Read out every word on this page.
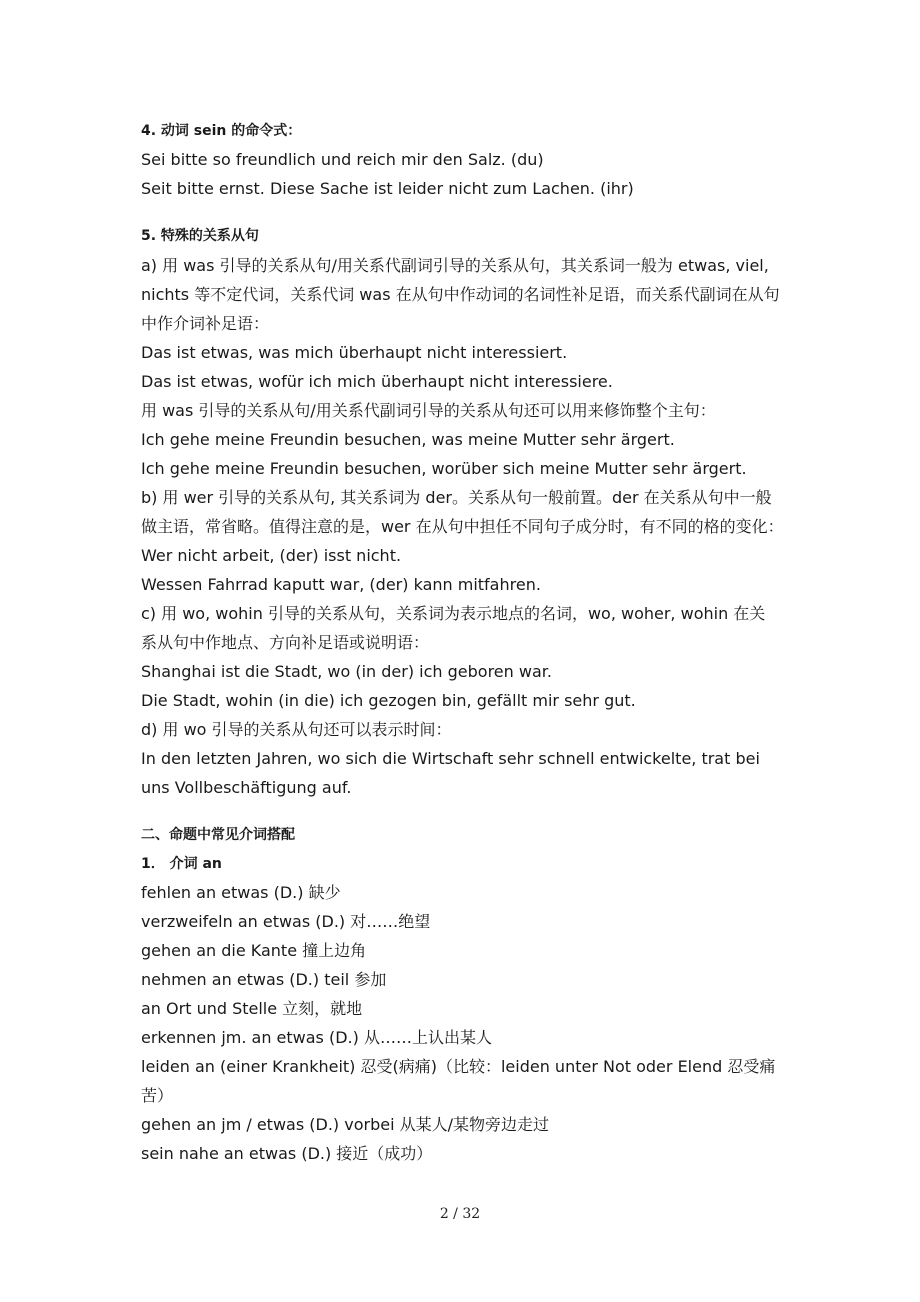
4. 动词 sein 的命令式：
Sei bitte so freundlich und reich mir den Salz. (du)
Seit bitte ernst. Diese Sache ist leider nicht zum Lachen. (ihr)
5. 特殊的关系从句
a) 用 was 引导的关系从句/用关系代副词引导的关系从句，其关系词一般为 etwas, viel,
nichts 等不定代词，关系代词 was 在从句中作动词的名词性补足语，而关系代副词在从句
中作介词补足语：
Das ist etwas, was mich überhaupt nicht interessiert.
Das ist etwas, wofür ich mich überhaupt nicht interessiere.
用 was 引导的关系从句/用关系代副词引导的关系从句还可以用来修饰整个主句：
Ich gehe meine Freundin besuchen, was meine Mutter sehr ärgert.
Ich gehe meine Freundin besuchen, worüber sich meine Mutter sehr ärgert.
b) 用 wer 引导的关系从句, 其关系词为 der。关系从句一般前置。der 在关系从句中一般
做主语，常省略。值得注意的是，wer 在从句中担任不同句子成分时，有不同的格的变化：
Wer nicht arbeit, (der) isst nicht.
Wessen Fahrrad kaputt war, (der) kann mitfahren.
c) 用 wo, wohin 引导的关系从句，关系词为表示地点的名词，wo, woher, wohin 在关
系从句中作地点、方向补足语或说明语：
Shanghai ist die Stadt, wo (in der) ich geboren war.
Die Stadt, wohin (in die) ich gezogen bin, gefällt mir sehr gut.
d) 用 wo 引导的关系从句还可以表示时间：
In den letzten Jahren, wo sich die Wirtschaft sehr schnell entwickelte, trat bei
uns Vollbeschäftigung auf.
二、命题中常见介词搭配
1． 介词 an
fehlen an etwas (D.) 缺少
verzweifeln an etwas (D.) 对……绝望
gehen an die Kante 撞上边角
nehmen an etwas (D.) teil 参加
an Ort und Stelle 立刻，就地
erkennen jm. an etwas (D.) 从……上认出某人
leiden an (einer Krankheit) 忍受(病痛)（比较：leiden unter Not oder Elend 忍受痛
苦）
gehen an jm / etwas (D.) vorbei 从某人/某物旁边走过
sein nahe an etwas (D.) 接近（成功）
2 / 32
